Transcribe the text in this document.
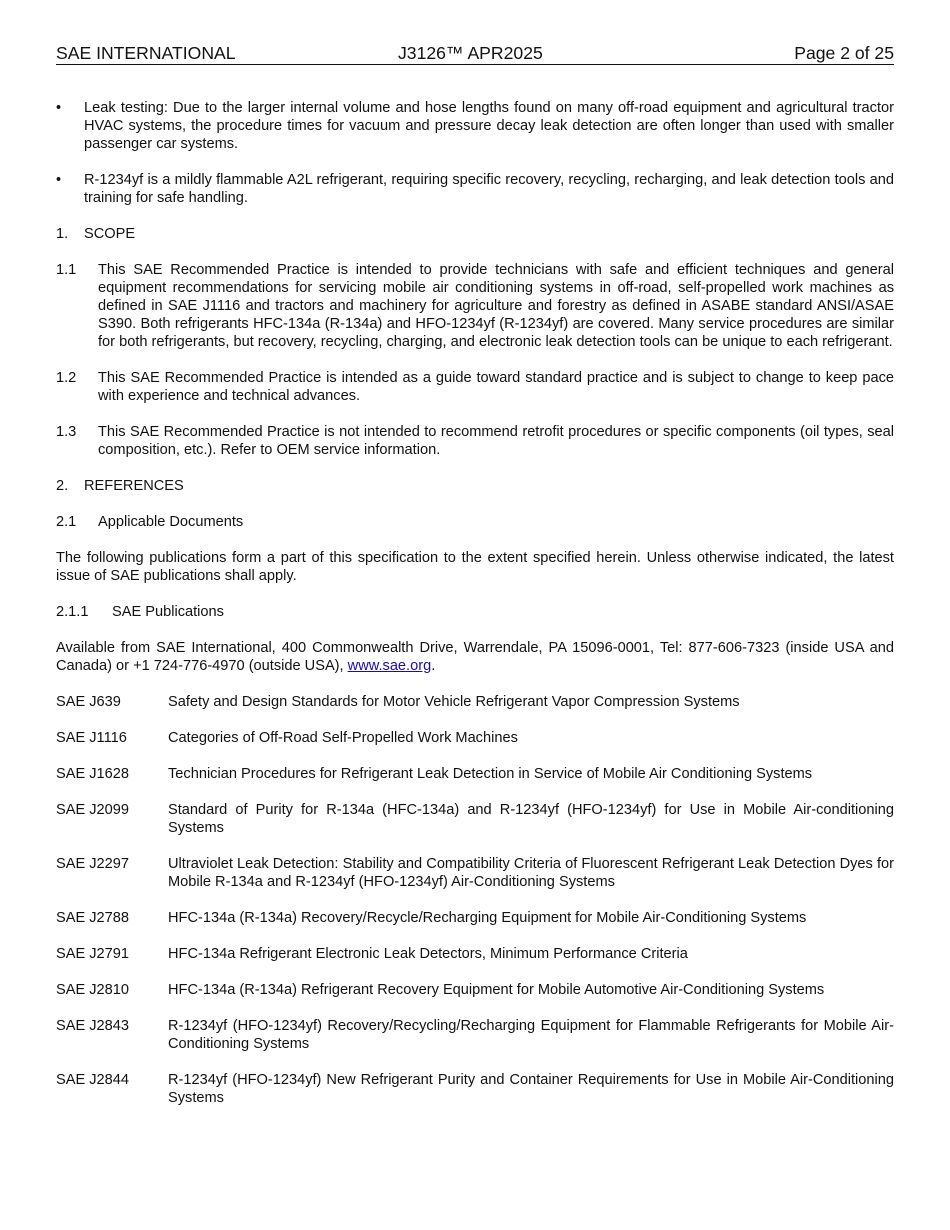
SAE INTERNATIONAL	J3126™ APR2025	Page 2 of 25
•	Leak testing: Due to the larger internal volume and hose lengths found on many off-road equipment and agricultural tractor HVAC systems, the procedure times for vacuum and pressure decay leak detection are often longer than used with smaller passenger car systems.
•	R-1234yf is a mildly flammable A2L refrigerant, requiring specific recovery, recycling, recharging, and leak detection tools and training for safe handling.
1.	SCOPE
1.1	This SAE Recommended Practice is intended to provide technicians with safe and efficient techniques and general equipment recommendations for servicing mobile air conditioning systems in off-road, self-propelled work machines as defined in SAE J1116 and tractors and machinery for agriculture and forestry as defined in ASABE standard ANSI/ASAE S390. Both refrigerants HFC-134a (R-134a) and HFO-1234yf (R-1234yf) are covered. Many service procedures are similar for both refrigerants, but recovery, recycling, charging, and electronic leak detection tools can be unique to each refrigerant.
1.2	This SAE Recommended Practice is intended as a guide toward standard practice and is subject to change to keep pace with experience and technical advances.
1.3	This SAE Recommended Practice is not intended to recommend retrofit procedures or specific components (oil types, seal composition, etc.). Refer to OEM service information.
2.	REFERENCES
2.1	Applicable Documents
The following publications form a part of this specification to the extent specified herein. Unless otherwise indicated, the latest issue of SAE publications shall apply.
2.1.1	SAE Publications
Available from SAE International, 400 Commonwealth Drive, Warrendale, PA 15096-0001, Tel: 877-606-7323 (inside USA and Canada) or +1 724-776-4970 (outside USA), www.sae.org.
SAE J639	Safety and Design Standards for Motor Vehicle Refrigerant Vapor Compression Systems
SAE J1116	Categories of Off-Road Self-Propelled Work Machines
SAE J1628	Technician Procedures for Refrigerant Leak Detection in Service of Mobile Air Conditioning Systems
SAE J2099	Standard of Purity for R-134a (HFC-134a) and R-1234yf (HFO-1234yf) for Use in Mobile Air-conditioning Systems
SAE J2297	Ultraviolet Leak Detection: Stability and Compatibility Criteria of Fluorescent Refrigerant Leak Detection Dyes for Mobile R-134a and R-1234yf (HFO-1234yf) Air-Conditioning Systems
SAE J2788	HFC-134a (R-134a) Recovery/Recycle/Recharging Equipment for Mobile Air-Conditioning Systems
SAE J2791	HFC-134a Refrigerant Electronic Leak Detectors, Minimum Performance Criteria
SAE J2810	HFC-134a (R-134a) Refrigerant Recovery Equipment for Mobile Automotive Air-Conditioning Systems
SAE J2843	R-1234yf (HFO-1234yf) Recovery/Recycling/Recharging Equipment for Flammable Refrigerants for Mobile Air-Conditioning Systems
SAE J2844	R-1234yf (HFO-1234yf) New Refrigerant Purity and Container Requirements for Use in Mobile Air-Conditioning Systems
